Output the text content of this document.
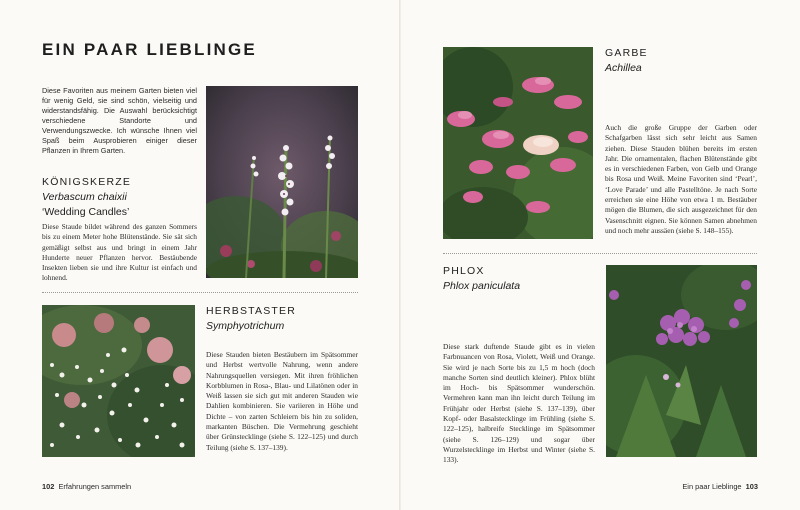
EIN PAAR LIEBLINGE

Diese Favoriten aus meinem Garten bieten viel für wenig Geld, sie sind schön, vielseitig und widerstandsfähig. Die Auswahl berücksichtigt verschiedene Standorte und Verwendungszwecke. Ich wünsche Ihnen viel Spaß beim Ausprobieren einiger dieser Pflanzen in Ihrem Garten.

KÖNIGSKERZE
Verbascum chaixii
‘Wedding Candles’

Diese Staude bildet während des ganzen Sommers bis zu einem Meter hohe Blütenstände. Sie sät sich gemäßigt selbst aus und bringt in einem Jahr Hunderte neuer Pflanzen hervor. Bestäubende Insekten lieben sie und ihre Kultur ist einfach und lohnend.

HERBSTASTER
Symphyotrichum

Diese Stauden bieten Bestäubern im Spätsommer und Herbst wertvolle Nahrung, wenn andere Nahrungsquellen versiegen. Mit ihren fröhlichen Korbblumen in Rosa-, Blau- und Lilatönen oder in Weiß lassen sie sich gut mit anderen Stauden wie Dahlien kombinieren. Sie variieren in Höhe und Dichte – von zarten Schleiern bis hin zu soliden, markanten Büschen. Die Vermehrung geschieht über Grünstecklinge (siehe S. 122–125) und durch Teilung (siehe S. 137–139).

GARBE
Achillea

Auch die große Gruppe der Garben oder Schafgarben lässt sich sehr leicht aus Samen ziehen. Diese Stauden blühen bereits im ersten Jahr. Die ornamentalen, flachen Blütenstände gibt es in verschiedenen Farben, von Gelb und Orange bis Rosa und Weiß. Meine Favoriten sind ‘Pearl’, ‘Love Parade’ und alle Pastelltöne. Je nach Sorte erreichen sie eine Höhe von etwa 1 m. Bestäuber mögen die Blumen, die sich ausgezeichnet für den Vasenschnitt eignen. Sie können Samen abnehmen und noch mehr aussäen (siehe S. 148–155).

PHLOX
Phlox paniculata

Diese stark duftende Staude gibt es in vielen Farbnuancen von Rosa, Violett, Weiß und Orange. Sie wird je nach Sorte bis zu 1,5 m hoch (doch manche Sorten sind deutlich kleiner). Phlox blüht im Hoch- bis Spätsommer wunderschön. Vermehren kann man ihn leicht durch Teilung im Frühjahr oder Herbst (siehe S. 137–139), über Kopf- oder Basalstecklinge im Frühling (siehe S. 122–125), halbreife Stecklinge im Spätsommer (siehe S. 126–129) und sogar über Wurzelstecklinge im Herbst und Winter (siehe S. 133).

102 Erfahrungen sammeln	Ein paar Lieblinge 103
